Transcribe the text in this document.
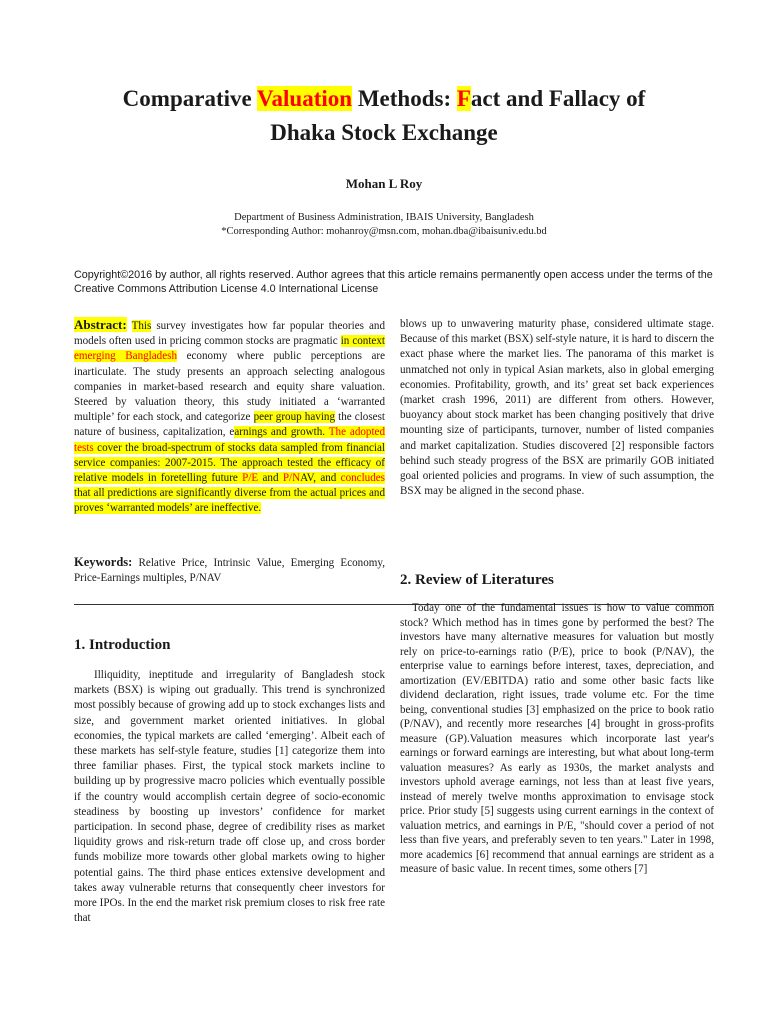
Comparative Valuation Methods: Fact and Fallacy of
Dhaka Stock Exchange
Mohan L Roy
Department of Business Administration, IBAIS University, Bangladesh
*Corresponding Author: mohanroy@msn.com, mohan.dba@ibaisuniv.edu.bd
Copyright©2016 by author, all rights reserved. Author agrees that this article remains permanently open access under the terms of the Creative Commons Attribution License 4.0 International License

Abstract: This survey investigates how far popular theories and models often used in pricing common stocks are pragmatic in context emerging Bangladesh economy where public perceptions are inarticulate. The study presents an approach selecting analogous companies in market-based research and equity share valuation. Steered by valuation theory, this study initiated a ‘warranted multiple’ for each stock, and categorize peer group having the closest nature of business, capitalization, earnings and growth. The adopted tests cover the broad-spectrum of stocks data sampled from financial service companies: 2007-2015. The approach tested the efficacy of relative models in foretelling future P/E and P/NAV, and concludes that all predictions are significantly diverse from the actual prices and proves ‘warranted models’ are ineffective.

Keywords: Relative Price, Intrinsic Value, Emerging Economy, Price-Earnings multiples, P/NAV
1. Introduction

Illiquidity, ineptitude and irregularity of Bangladesh stock markets (BSX) is wiping out gradually. This trend is synchronized most possibly because of growing add up to stock exchanges lists and size, and government market oriented initiatives. In global economies, the typical markets are called ‘emerging’. Albeit each of these markets has self-style feature, studies [1] categorize them into three familiar phases. First, the typical stock markets incline to building up by progressive macro policies which eventually possible if the country would accomplish certain degree of socio-economic steadiness by boosting up investors’ confidence for market participation. In second phase, degree of credibility rises as market liquidity grows and risk-return trade off close up, and cross border funds mobilize more towards other global markets owing to higher potential gains. The third phase entices extensive development and takes away vulnerable returns that consequently cheer investors for more IPOs. In the end the market risk premium closes to risk free rate that

blows up to unwavering maturity phase, considered ultimate stage. Because of this market (BSX) self-style nature, it is hard to discern the exact phase where the market lies. The panorama of this market is unmatched not only in typical Asian markets, also in global emerging economies. Profitability, growth, and its’ great set back experiences (market crash 1996, 2011) are different from others. However, buoyancy about stock market has been changing positively that drive mounting size of participants, turnover, number of listed companies and market capitalization. Studies discovered [2] responsible factors behind such steady progress of the BSX are primarily GOB initiated goal oriented policies and programs. In view of such assumption, the BSX may be aligned in the second phase.

2. Review of Literatures

Today one of the fundamental issues is how to value common stock? Which method has in times gone by performed the best? The investors have many alternative measures for valuation but mostly rely on price-to-earnings ratio (P/E), price to book (P/NAV), the enterprise value to earnings before interest, taxes, depreciation, and amortization (EV/EBITDA) ratio and some other basic facts like dividend declaration, right issues, trade volume etc. For the time being, conventional studies [3] emphasized on the price to book ratio (P/NAV), and recently more researches [4] brought in gross-profits measure (GP).Valuation measures which incorporate last year's earnings or forward earnings are interesting, but what about long-term valuation measures? As early as 1930s, the market analysts and investors uphold average earnings, not less than at least five years, instead of merely twelve months approximation to envisage stock price. Prior study [5] suggests using current earnings in the context of valuation metrics, and earnings in P/E, "should cover a period of not less than five years, and preferably seven to ten years." Later in 1998, more academics [6] recommend that annual earnings are strident as a measure of basic value. In recent times, some others [7]
